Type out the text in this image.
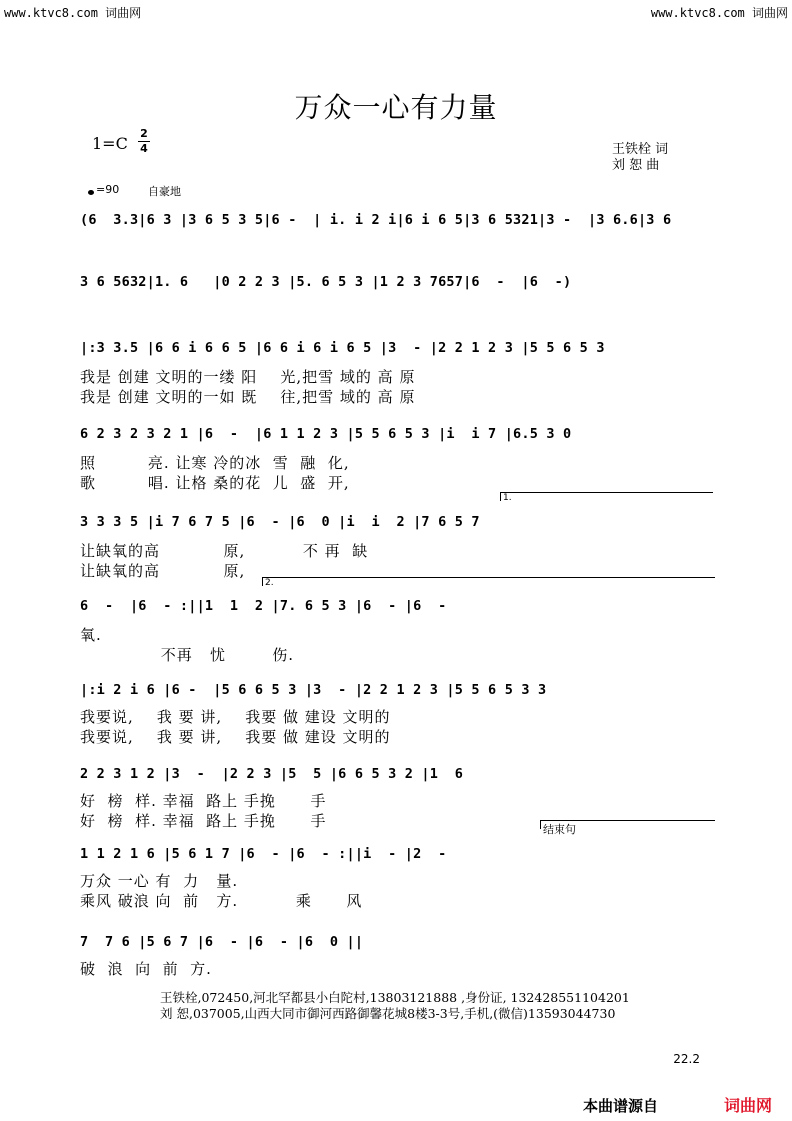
www.ktvc8.com 词曲网	www.ktvc8.com 词曲网
万众一心有力量
1=C
2
4	王铁栓 词
刘 恕 曲
=90	自豪地
(6  3.3|6 3 |3 6 5 3 5|6 -  | i. i 2 i|6 i 6 5|3 6 5321|3 -  |3 6.6|3 6
3 6 5632|1. 6   |0 2 2 3 |5. 6 5 3 |1 2 3 7657|6  -  |6  -)
|:3 3.5 |6 6 i 6 6 5 |6 6 i 6 i 6 5 |3  - |2 2 1 2 3 |5 5 6 5 3
我是 创建 文明的一缕 阳    光,把雪 域的 高 原
我是 创建 文明的一如 既    往,把雪 域的 高 原
6 2 3 2 3 2 1 |6  -  |6 1 1 2 3 |5 5 6 5 3 |i  i 7 |6.5 3 0
照         亮. 让寒 冷的冰  雪  融  化,
歌         唱. 让格 桑的花  儿  盛  开,
1.
3 3 3 5 |i 7 6 7 5 |6  - |6  0 |i  i  2 |7 6 5 7
让缺氧的高           原,          不 再  缺
让缺氧的高           原,
2.
6  -  |6  - :||1  1  2 |7. 6 5 3 |6  - |6  -
氧.
不再   忧        伤.
|:i 2 i 6 |6 -  |5 6 6 5 3 |3  - |2 2 1 2 3 |5 5 6 5 3 3
我要说,    我 要 讲,    我要 做 建设 文明的
我要说,    我 要 讲,    我要 做 建设 文明的
2 2 3 1 2 |3  -  |2 2 3 |5  5 |6 6 5 3 2 |1  6
好  榜  样. 幸福  路上 手挽      手
好  榜  样. 幸福  路上 手挽      手	结束句
1 1 2 1 6 |5 6 1 7 |6  - |6  - :||i  - |2  -
万众 一心 有  力   量.
乘风 破浪 向  前   方.          乘      风
7  7 6 |5 6 7 |6  - |6  - |6  0 ||
破  浪  向  前  方.
王铁栓,072450,河北罕都县小白陀村,13803121888 ,身份证, 132428551104201
刘 恕,037005,山西大同市御河西路御馨花城8楼3-3号,手机,(微信)13593044730
22.2
本曲谱源自	词曲网
